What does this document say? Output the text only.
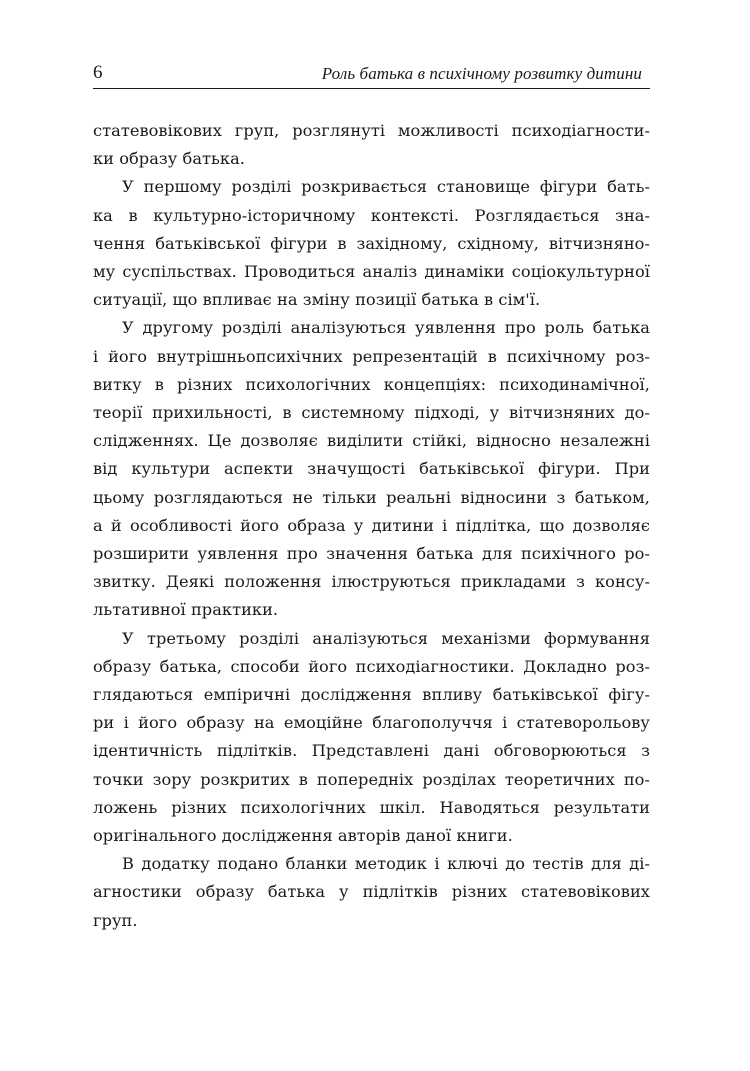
6	Роль батька в психічному розвитку дитини
статевовікових груп, розглянуті можливості психодіагности-
ки образу батька.
У першому розділі розкривається становище фігури бать-
ка в культурно-історичному контексті. Розглядається зна-
чення батьківської фігури в західному, східному, вітчизняно-
му суспільствах. Проводиться аналіз динаміки соціокультурної
ситуації, що впливає на зміну позиції батька в сім'ї.
У другому розділі аналізуються уявлення про роль батька
і його внутрішньопсихічних репрезентацій в психічному роз-
витку в різних психологічних концепціях: психодинамічної,
теорії прихильності, в системному підході, у вітчизняних до-
слідженнях. Це дозволяє виділити стійкі, відносно незалежні
від культури аспекти значущості батьківської фігури. При
цьому розглядаються не тільки реальні відносини з батьком,
а й особливості його образа у дитини і підлітка, що дозволяє
розширити уявлення про значення батька для психічного ро-
звитку. Деякі положення ілюструються прикладами з консу-
льтативної практики.
У третьому розділі аналізуються механізми формування
образу батька, способи його психодіагностики. Докладно роз-
глядаються емпіричні дослідження впливу батьківської фігу-
ри і його образу на емоційне благополуччя і статеворольову
ідентичність підлітків. Представлені дані обговорюються з
точки зору розкритих в попередніх розділах теоретичних по-
ложень різних психологічних шкіл. Наводяться результати
оригінального дослідження авторів даної книги.
В додатку подано бланки методик і ключі до тестів для ді-
агностики образу батька у підлітків різних статевовікових
груп.
